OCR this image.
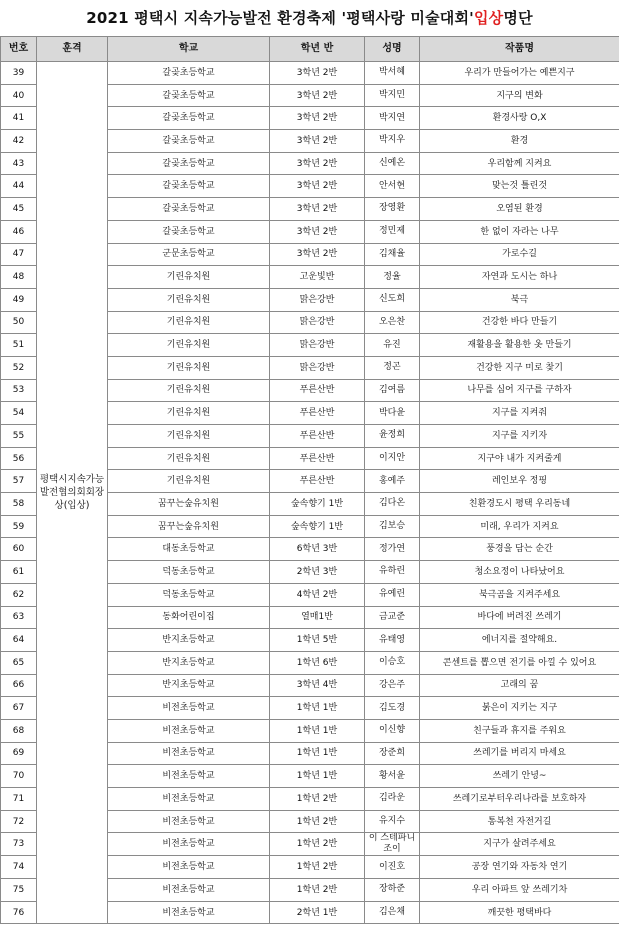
2021 평택시 지속가능발전 환경축제 '평택사랑 미술대회' 입상 명단
번호	훈격	학교	학년 반	성명	작품명
39	평택시지속가능발전협의회회장상(입상)	갈곶초등학교	3학년 2반	박서혜	우리가 만들어가는 예쁜지구
40		갈곶초등학교	3학년 2반	박지민	지구의 변화
41		갈곶초등학교	3학년 2반	박지연	환경사랑 O,X
42		갈곶초등학교	3학년 2반	박지우	환경
43		갈곶초등학교	3학년 2반	신예온	우리함께 지켜요
44		갈곶초등학교	3학년 2반	안서현	맞는것 틀린것
45		갈곶초등학교	3학년 2반	장영환	오염된 환경
46		갈곶초등학교	3학년 2반	정민제	한 없이 자라는 나무
47		군문초등학교	3학년 2반	김채율	가로수길
48		기린유치원	고운빛반	정율	자연과 도시는 하나
49		기린유치원	맑은강반	신도희	북극
50		기린유치원	맑은강반	오은찬	건강한 바다 만들기
51		기린유치원	맑은강반	유진	재활용을 활용한 옷 만들기
52		기린유치원	맑은강반	정곤	건강한 지구 미로 찾기
53		기린유치원	푸른산반	김여름	나무를 심어 지구를 구하자
54		기린유치원	푸른산반	박다윤	지구를 지켜줘
55		기린유치원	푸른산반	윤정희	지구를 지키자
56		기린유치원	푸른산반	이지안	지구야 내가 지켜줄게
57		기린유치원	푸른산반	홍예주	레인보우 정핑
58		꿈꾸는숲유치원	숲속향기 1반	김다온	친환경도시 평택 우리동네
59		꿈꾸는숲유치원	숲속향기 1반	김보승	미래, 우리가 지켜요
60		대동초등학교	6학년 3반	정가연	풍경을 담는 순간
61		덕동초등학교	2학년 3반	유하린	청소요정이 나타났어요
62		덕동초등학교	4학년 2반	유예린	북극곰을 지켜주세요
63		동화어린이집	열매1반	금교준	바다에 버려진 쓰레기
64		반지초등학교	1학년 5반	유태영	에너지를 절약해요.
65		반지초등학교	1학년 6반	이승호	콘센트를 뽑으면 전기를 아낄 수 있어요
66		반지초등학교	3학년 4반	강은주	고래의 꿈
67		비전초등학교	1학년 1반	김도경	붉은이 지키는 지구
68		비전초등학교	1학년 1반	이신향	친구들과 휴지를 주워요
69		비전초등학교	1학년 1반	장준희	쓰레기를 버리지 마세요
70		비전초등학교	1학년 1반	황서윤	쓰레기 안녕~
71		비전초등학교	1학년 2반	김라운	쓰레기로부터우리나라를 보호하자
72		비전초등학교	1학년 2반	유지수	통복천 자전거길
73		비전초등학교	1학년 2반	이 스테파니 조이	지구가 살려주세요
74		비전초등학교	1학년 2반	이진호	공장 연기와 자동차 연기
75		비전초등학교	1학년 2반	장하준	우리 아파트 앞 쓰레기차
76		비전초등학교	2학년 1반	김은채	깨끗한 평택바다
